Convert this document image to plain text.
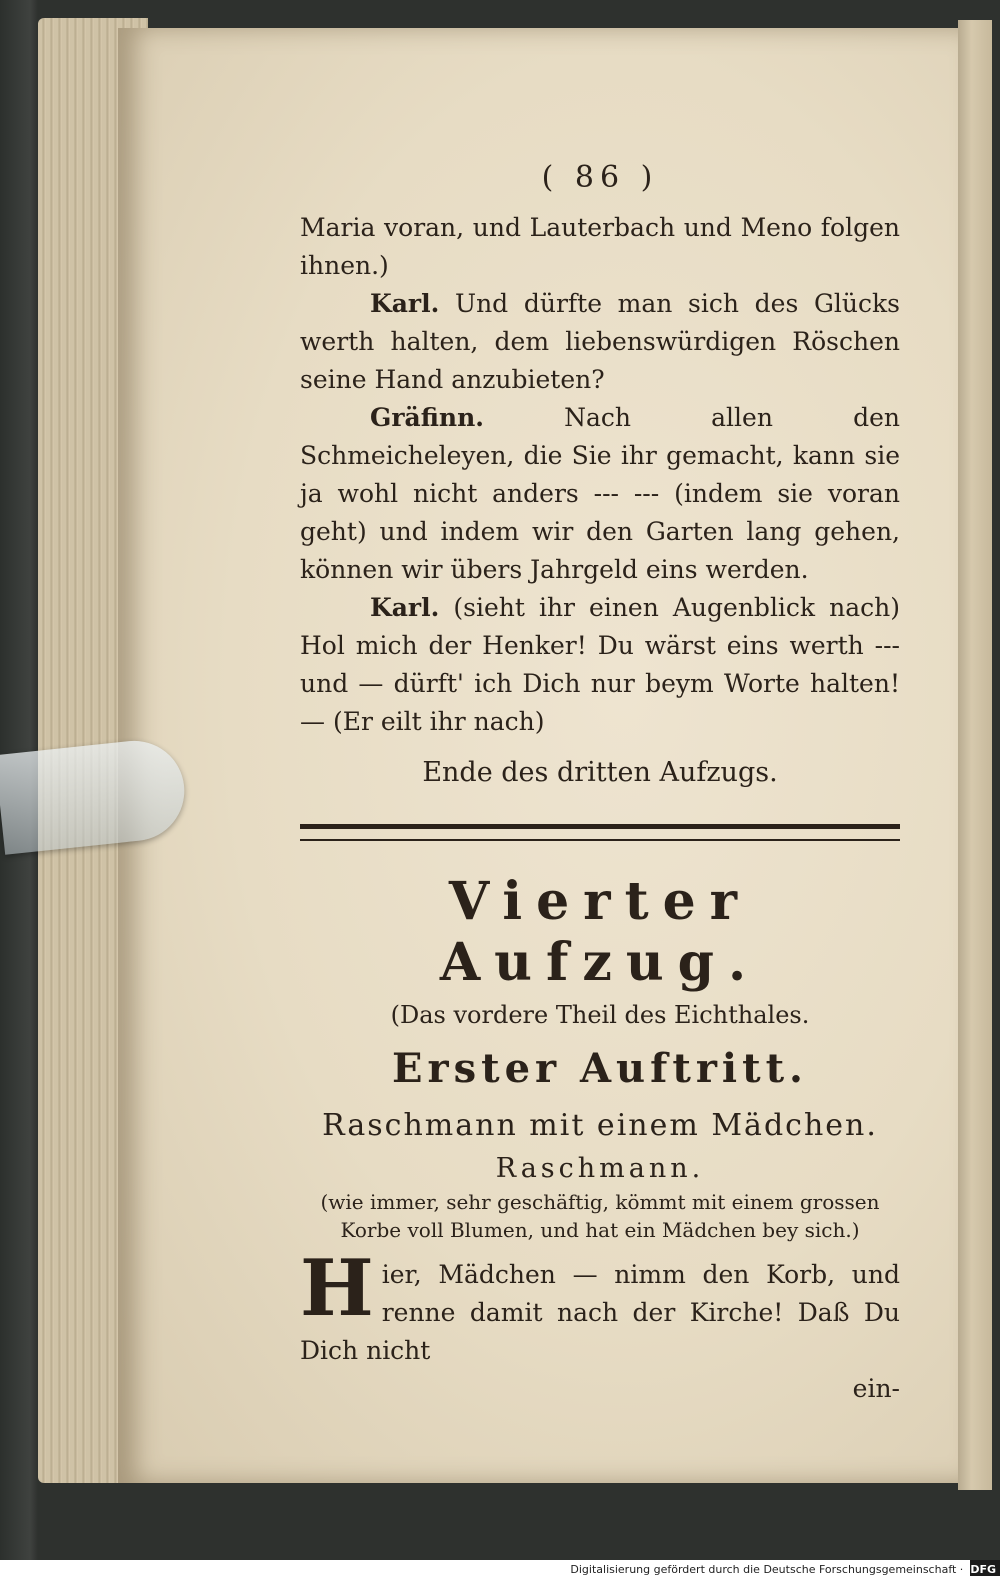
( 86 )

Maria voran, und Lauterbach und Meno folgen ihnen.)

Karl. Und dürfte man sich des Glücks werth halten, dem liebenswürdigen Röschen seine Hand anzubieten?

Gräfinn.	Nach allen den Schmeicheleyen, die Sie ihr gemacht, kann sie ja wohl nicht anders --- --- (indem sie voran geht) und indem wir den Garten lang gehen, können wir übers Jahrgeld eins werden.

Karl. (sieht ihr einen Augenblick nach) Hol mich der Henker! Du wärst eins werth --- und — dürft' ich Dich nur beym Worte halten! — (Er eilt ihr nach)

Ende des dritten Aufzugs.
Vierter Aufzug.
(Das vordere Theil des Eichthales.
Erster Auftritt.
Raschmann mit einem Mädchen.
Raschmann.
(wie immer, sehr geschäftig, kömmt mit einem grossen Korbe voll Blumen, und hat ein Mädchen bey sich.)

H ier, Mädchen — nimm den Korb, und renne damit nach der Kirche! Daß Du Dich nicht

ein-
Digitalisierung gefördert durch die Deutsche Forschungsgemeinschaft · DFG
